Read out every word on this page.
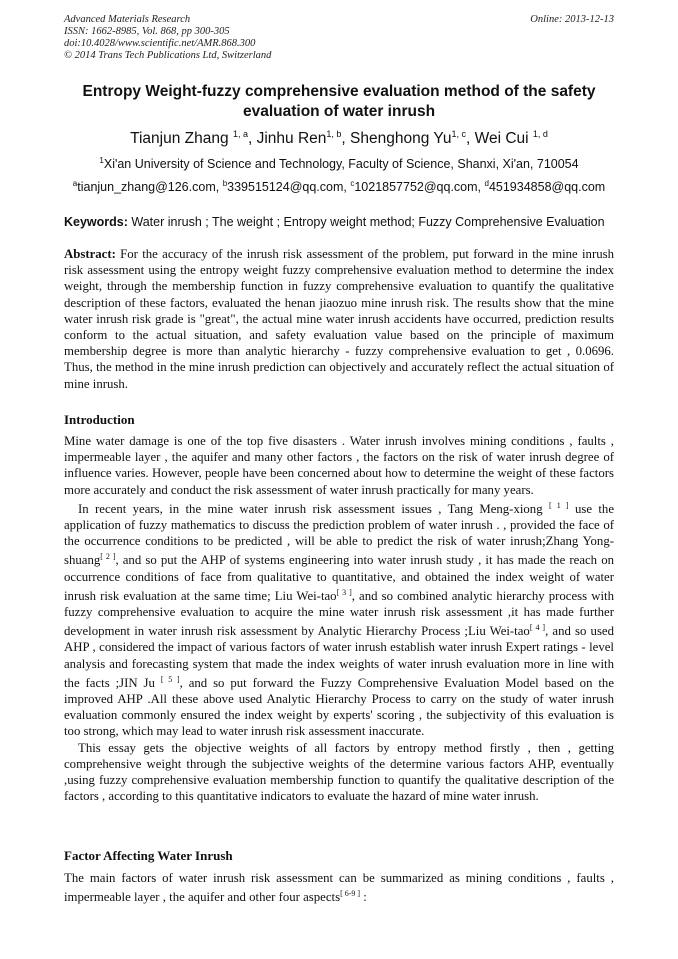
Advanced Materials Research
ISSN: 1662-8985, Vol. 868, pp 300-305
doi:10.4028/www.scientific.net/AMR.868.300
© 2014 Trans Tech Publications Ltd, Switzerland
Online: 2013-12-13
Entropy Weight-fuzzy comprehensive evaluation method of the safety evaluation of water inrush
Tianjun Zhang $^{1, a}$, Jinhu Ren$^{1, b}$, Shenghong Yu$^{1, c}$, Wei Cui $^{1, d}$
$^1$Xi'an University of Science and Technology, Faculty of Science, Shanxi, Xi'an, 710054
$^a$tianjun_zhang@126.com, $^b$339515124@qq.com, $^c$1021857752@qq.com, $^d$451934858@qq.com
Keywords: Water inrush ; The weight ; Entropy weight method; Fuzzy Comprehensive Evaluation
Abstract: For the accuracy of the inrush risk assessment of the problem, put forward in the mine inrush risk assessment using the entropy weight fuzzy comprehensive evaluation method to determine the index weight, through the membership function in fuzzy comprehensive evaluation to quantify the qualitative description of these factors, evaluated the henan jiaozuo mine inrush risk. The results show that the mine water inrush risk grade is "great", the actual mine water inrush accidents have occurred, prediction results conform to the actual situation, and safety evaluation value based on the principle of maximum membership degree is more than analytic hierarchy - fuzzy comprehensive evaluation to get , 0.0696. Thus, the method in the mine inrush prediction can objectively and accurately reflect the actual situation of mine inrush.
Introduction

Mine water damage is one of the top five disasters . Water inrush involves mining conditions , faults , impermeable layer , the aquifer and many other factors , the factors on the risk of water inrush degree of influence varies. However, people have been concerned about how to determine the weight of these factors more accurately and conduct the risk assessment of water inrush practically for many years.

In recent years, in the mine water inrush risk assessment issues , Tang Meng-xiong [ 1 ] use the application of fuzzy mathematics to discuss the prediction problem of water inrush . , provided the face of the occurrence conditions to be predicted , will be able to predict the risk of water inrush;Zhang Yong-shuang[ 2 ], and so put the AHP of systems engineering into water inrush study , it has made the reach on occurrence conditions of face from qualitative to quantitative, and obtained the index weight of water inrush risk evaluation at the same time; Liu Wei-tao[ 3 ], and so combined analytic hierarchy process with fuzzy comprehensive evaluation to acquire the mine water inrush risk assessment ,it has made further development in water inrush risk assessment by Analytic Hierarchy Process ;Liu Wei-tao[ 4 ], and so used AHP , considered the impact of various factors of water inrush establish water inrush Expert ratings - level analysis and forecasting system that made the index weights of water inrush evaluation more in line with the facts ;JIN Ju [ 5 ], and so put forward the Fuzzy Comprehensive Evaluation Model based on the improved AHP .All these above used Analytic Hierarchy Process to carry on the study of water inrush evaluation commonly ensured the index weight by experts' scoring , the subjectivity of this evaluation is too strong, which may lead to water inrush risk assessment inaccurate.

This essay gets the objective weights of all factors by entropy method firstly , then , getting comprehensive weight through the subjective weights of the determine various factors AHP, eventually ,using fuzzy comprehensive evaluation membership function to quantify the qualitative description of the factors , according to this quantitative indicators to evaluate the hazard of mine water inrush.

Factor Affecting Water Inrush
The main factors of water inrush risk assessment can be summarized as mining conditions , faults , impermeable layer , the aquifer and other four aspects[ 6-9 ] :
